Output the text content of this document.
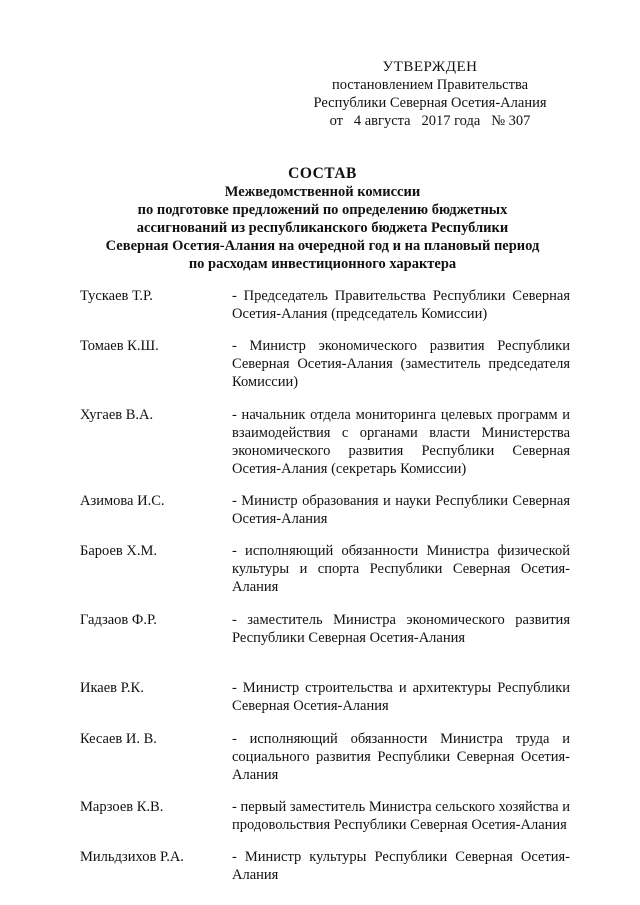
УТВЕРЖДЕН
постановлением Правительства
Республики Северная Осетия-Алания
от   4 августа   2017 года   № 307
СОСТАВ
Межведомственной комиссии
по подготовке предложений по определению бюджетных
ассигнований из республиканского бюджета Республики
Северная Осетия-Алания на очередной год и на плановый период
по расходам инвестиционного характера
Тускаев Т.Р.	- Председатель Правительства Республики Северная Осетия-Алания (председатель Комиссии)
Томаев К.Ш.	- Министр экономического развития Республики Северная Осетия-Алания (заместитель председателя Комиссии)
Хугаев В.А.	- начальник отдела мониторинга целевых программ и взаимодействия с органами власти Министерства экономического развития Республики Северная Осетия-Алания (секретарь Комиссии)
Азимова И.С.	- Министр образования и науки Республики Северная Осетия-Алания
Бароев Х.М.	- исполняющий обязанности Министра физической культуры и спорта Республики Северная Осетия-Алания
Гадзаов Ф.Р.	- заместитель Министра экономического развития Республики Северная Осетия-Алания
Икаев Р.К.	- Министр строительства и архитектуры Республики Северная Осетия-Алания
Кесаев И. В.	- исполняющий обязанности Министра труда и социального развития Республики Северная Осетия-Алания
Марзоев К.В.	- первый заместитель Министра сельского хозяйства и продовольствия Республики Северная Осетия-Алания
Мильдзихов Р.А.	- Министр культуры Республики Северная Осетия-Алания
